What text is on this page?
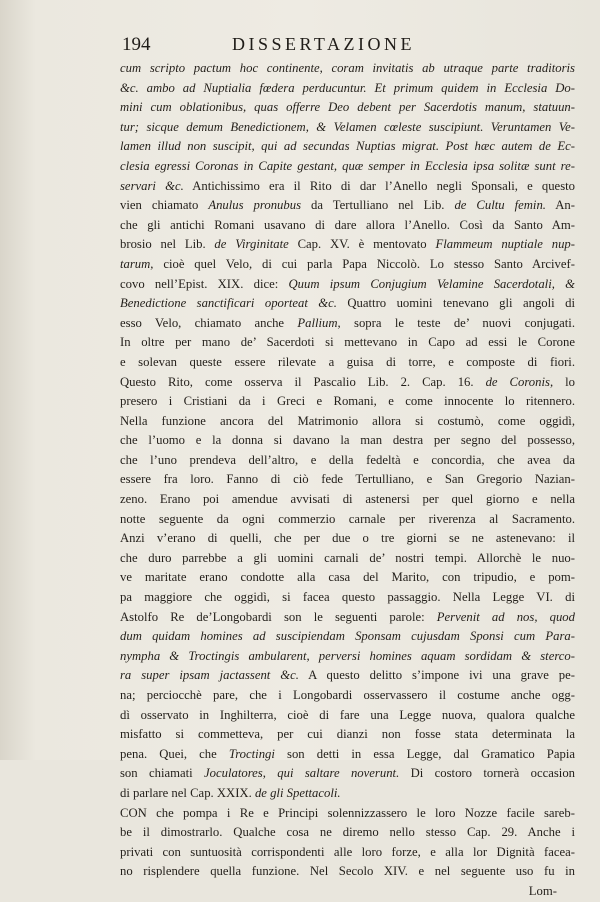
194	DISSERTAZIONE
cum scripto pactum hoc continente, coram invitatis ab utraque parte traditoris
&c. ambo ad Nuptialia fœdera perducuntur. Et primum quidem in Ecclesia Do-
mini cum oblationibus, quas offerre Deo debent per Sacerdotis manum, statuun-
tur; sicque demum Benedictionem, & Velamen cœleste suscipiunt. Veruntamen Ve-
lamen illud non suscipit, qui ad secundas Nuptias migrat. Post hæc autem de Ec-
clesia egressi Coronas in Capite gestant, quæ semper in Ecclesia ipsa solitæ sunt re-
servari &c. Antichissimo era il Rito di dar l’Anello negli Sponsali, e questo
vien chiamato Anulus pronubus da Tertulliano nel Lib. de Cultu femin. An-
che gli antichi Romani usavano di dare allora l’Anello. Così da Santo Am-
brosio nel Lib. de Virginitate Cap. XV. è mentovato Flammeum nuptiale nup-
tarum, cioè quel Velo, di cui parla Papa Niccolò. Lo stesso Santo Arcivef-
covo nell’Epist. XIX. dice: Quum ipsum Conjugium Velamine Sacerdotali, &
Benedictione sanctificari oporteat &c. Quattro uomini tenevano gli angoli di
esso Velo, chiamato anche Pallium, sopra le teste de’ nuovi conjugati.
In oltre per mano de’ Sacerdoti si mettevano in Capo ad essi le Corone
e solevan queste essere rilevate a guisa di torre, e composte di fiori.
Questo Rito, come osserva il Pascalio Lib. 2. Cap. 16. de Coronis, lo
presero i Cristiani da i Greci e Romani, e come innocente lo ritennero.
Nella funzione ancora del Matrimonio allora si costumò, come oggidì,
che l’uomo e la donna si davano la man destra per segno del possesso,
che l’uno prendeva dell’altro, e della fedeltà e concordia, che avea da
essere fra loro. Fanno di ciò fede Tertulliano, e San Gregorio Nazian-
zeno. Erano poi amendue avvisati di astenersi per quel giorno e nella
notte seguente da ogni commerzio carnale per riverenza al Sacramento.
Anzi v’erano di quelli, che per due o tre giorni se ne astenevano: il
che duro parrebbe a gli uomini carnali de’ nostri tempi. Allorchè le nuo-
ve maritate erano condotte alla casa del Marito, con tripudio, e pom-
pa maggiore che oggidì, si facea questo passaggio. Nella Legge VI. di
Astolfo Re de’Longobardi son le seguenti parole: Pervenit ad nos, quod
dum quidam homines ad suscipiendam Sponsam cujusdam Sponsi cum Para-
nympha & Troctingis ambularent, perversi homines aquam sordidam & sterco-
ra super ipsam jactassent &c. A questo delitto s’impone ivi una grave pe-
na; perciocchè pare, che i Longobardi osservassero il costume anche ogg-
dì osservato in Inghilterra, cioè di fare una Legge nuova, qualora qualche
misfatto si commetteva, per cui dianzi non fosse stata determinata la
pena. Quei, che Troctingi son detti in essa Legge, dal Gramatico Papia
son chiamati Joculatores, qui saltare noverunt. Di costoro tornerà occasion
di parlare nel Cap. XXIX. de gli Spettacoli.
CON che pompa i Re e Principi solennizzassero le loro Nozze facile sareb-
be il dimostrarlo. Qualche cosa ne diremo nello stesso Cap. 29. Anche i
privati con suntuosità corrispondenti alle loro forze, e alla lor Dignità facea-
no risplendere quella funzione. Nel Secolo XIV. e nel seguente uso fu in
Lom-
